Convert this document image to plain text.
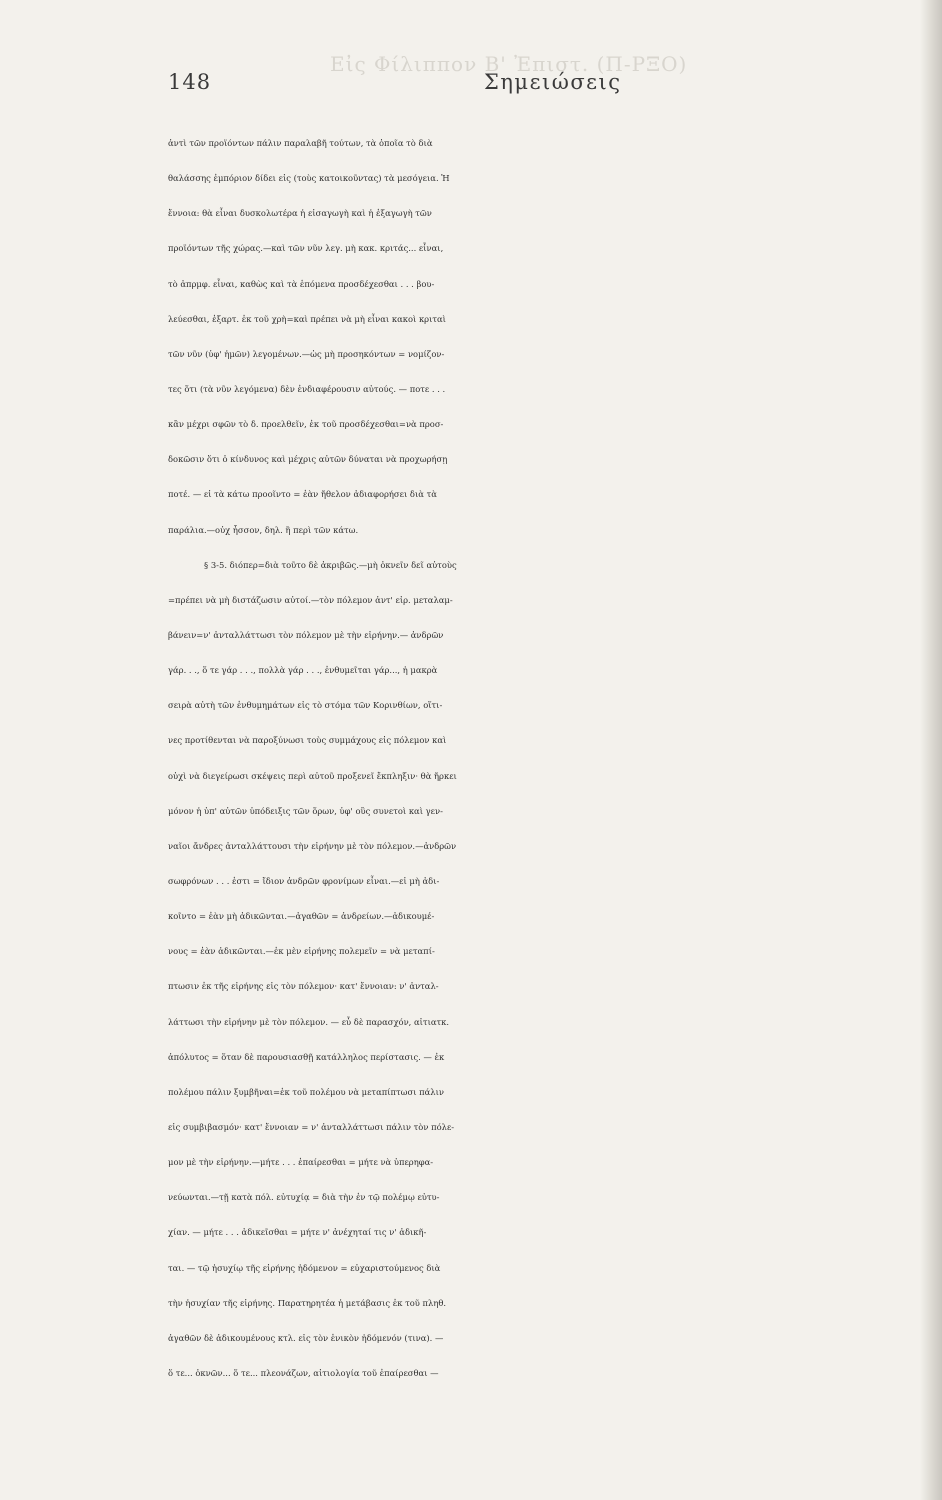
Εἰς Φίλιππον Β' Ἐπιστ. (Π-ΡΞΟ)
148	Σημειώσεις
ἀντὶ τῶν προϊόντων πάλιν παραλαβῆ τούτων, τὰ ὁποῖα τὸ διὰ
θαλάσσης ἐμπόριον δίδει εἰς (τοὺς κατοικοῦντας) τὰ μεσόγεια. Ἡ
ἔννοια: θὰ εἶναι δυσκολωτέρα ἡ εἰσαγωγὴ καὶ ἡ ἐξαγωγὴ τῶν
προϊόντων τῆς χώρας.—καὶ τῶν νῦν λεγ. μὴ κακ. κριτάς... εἶναι,
τὸ ἀπρμφ. εἶναι, καθὼς καὶ τὰ ἑπόμενα προσδέχεσθαι . . . βου-
λεύεσθαι, ἐξαρτ. ἐκ τοῦ χρὴ=καὶ πρέπει νὰ μὴ εἶναι κακοὶ κριταὶ
τῶν νῦν (ὑφ' ἡμῶν) λεγομένων.—ὡς μὴ προσηκόντων = νομίζον-
τες ὅτι (τὰ νῦν λεγόμενα) δὲν ἐνδιαφέρουσιν αὐτούς. — ποτε . . .
κἂν μέχρι σφῶν τὸ δ. προελθεῖν, ἐκ τοῦ προσδέχεσθαι=νὰ προσ-
δοκῶσιν ὅτι ὁ κίνδυνος καὶ μέχρις αὐτῶν δύναται νὰ προχωρήσῃ
ποτέ. — εἰ τὰ κάτω προοῖντο = ἐὰν ἤθελον ἀδιαφορήσει διὰ τὰ
παράλια.—οὐχ ἧσσον, δηλ. ἢ περὶ τῶν κάτω.
§ 3-5. διόπερ=διὰ τοῦτο δὲ ἀκριβῶς.—μὴ ὀκνεῖν δεῖ αὐτοὺς
=πρέπει νὰ μὴ διστάζωσιν αὐτοί.—τὸν πόλεμον ἀντ' εἰρ. μεταλαμ-
βάνειν=ν' ἀνταλλάττωσι τὸν πόλεμον μὲ τὴν εἰρήνην.— ἀνδρῶν
γάρ. . ., ὅ τε γάρ . . ., πολλὰ γάρ . . ., ἐνθυμεῖται γάρ..., ἡ μακρὰ
σειρὰ αὐτὴ τῶν ἐνθυμημάτων εἰς τὸ στόμα τῶν Κορινθίων, οἵτι-
νες προτίθενται νὰ παροξύνωσι τοὺς συμμάχους εἰς πόλεμον καὶ
οὐχὶ νὰ διεγείρωσι σκέψεις περὶ αὐτοῦ προξενεῖ ἔκπληξιν· θὰ ἤρκει
μόνον ἡ ὑπ' αὐτῶν ὑπόδειξις τῶν ὅρων, ὑφ' οὓς συνετοὶ καὶ γεν-
ναῖοι ἄνδρες ἀνταλλάττουσι τὴν εἰρήνην μὲ τὸν πόλεμον.—ἀνδρῶν
σωφρόνων . . . ἐστι = ἴδιον ἀνδρῶν φρονίμων εἶναι.—εἰ μὴ ἀδι-
κοῖντο = ἐὰν μὴ ἀδικῶνται.—ἀγαθῶν = ἀνδρείων.—ἀδικουμέ-
νους = ἐὰν ἀδικῶνται.—ἐκ μὲν εἰρήνης πολεμεῖν = νὰ μεταπί-
πτωσιν ἐκ τῆς εἰρήνης εἰς τὸν πόλεμον· κατ' ἔννοιαν: ν' ἀνταλ-
λάττωσι τὴν εἰρήνην μὲ τὸν πόλεμον. — εὖ δὲ παρασχόν, αἰτιατκ.
ἀπόλυτος = ὅταν δὲ παρουσιασθῇ κατάλληλος περίστασις. — ἐκ
πολέμου πάλιν ξυμβῆναι=ἐκ τοῦ πολέμου νὰ μεταπίπτωσι πάλιν
εἰς συμβιβασμόν· κατ' ἔννοιαν = ν' ἀνταλλάττωσι πάλιν τὸν πόλε-
μον μὲ τὴν εἰρήνην.—μήτε . . . ἐπαίρεσθαι = μήτε νὰ ὑπερηφα-
νεύωνται.—τῇ κατὰ πόλ. εὐτυχίᾳ = διὰ τὴν ἐν τῷ πολέμῳ εὐτυ-
χίαν. — μήτε . . . ἀδικεῖσθαι = μήτε ν' ἀνέχηταί τις ν' ἀδικῆ-
ται. — τῷ ἡσυχίῳ τῆς εἰρήνης ἡδόμενον = εὐχαριστούμενος διὰ
τὴν ἡσυχίαν τῆς εἰρήνης. Παρατηρητέα ἡ μετάβασις ἐκ τοῦ πληθ.
ἀγαθῶν δὲ ἀδικουμένους κτλ. εἰς τὸν ἑνικὸν ἡδόμενόν (τινα). —
ὅ τε... ὀκνῶν... ὅ τε... πλεονάζων, αἰτιολογία τοῦ ἐπαίρεσθαι —
